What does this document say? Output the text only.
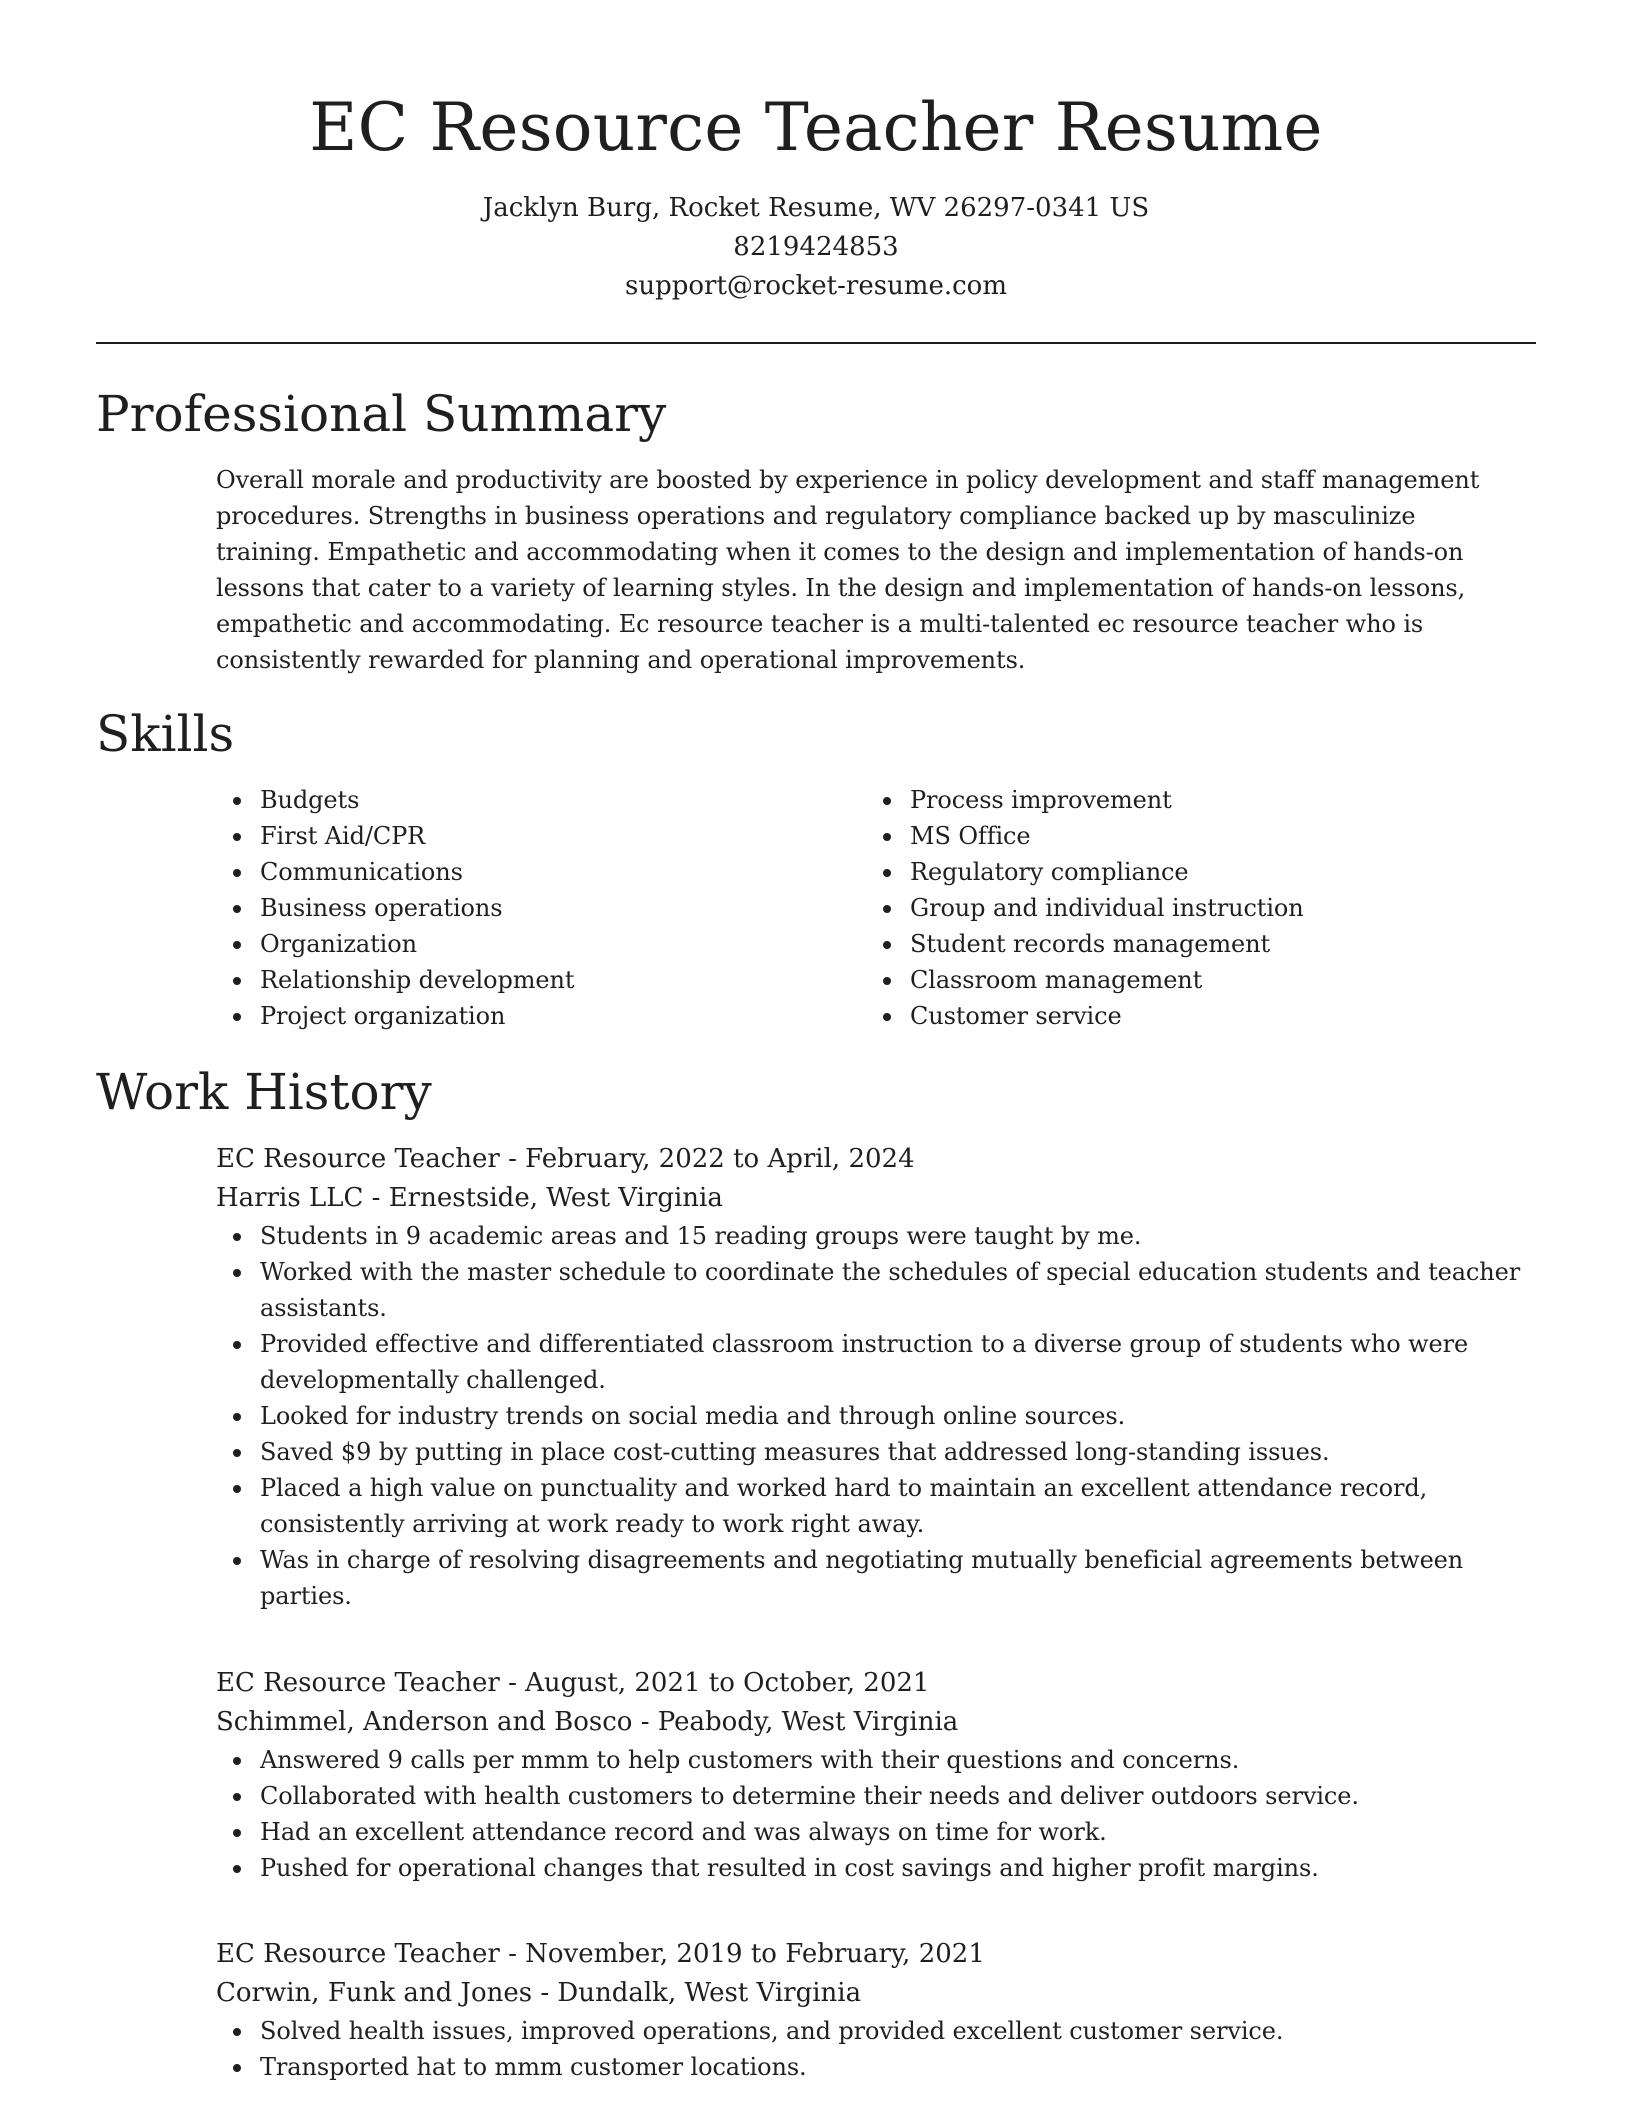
EC Resource Teacher Resume

Jacklyn Burg, Rocket Resume, WV 26297-0341 US

8219424853

support@rocket-resume.com

Professional Summary

Overall morale and productivity are boosted by experience in policy development and staff management procedures. Strengths in business operations and regulatory compliance backed up by masculinize training. Empathetic and accommodating when it comes to the design and implementation of hands-on lessons that cater to a variety of learning styles. In the design and implementation of hands-on lessons, empathetic and accommodating. Ec resource teacher is a multi-talented ec resource teacher who is consistently rewarded for planning and operational improvements.

Skills
Budgets
First Aid/CPR
Communications
Business operations
Organization
Relationship development
Project organization
Process improvement
MS Office
Regulatory compliance
Group and individual instruction
Student records management
Classroom management
Customer service
Work History

EC Resource Teacher - February, 2022 to April, 2024

Harris LLC - Ernestside, West Virginia

Students in 9 academic areas and 15 reading groups were taught by me.
Worked with the master schedule to coordinate the schedules of special education students and teacher assistants.
Provided effective and differentiated classroom instruction to a diverse group of students who were developmentally challenged.
Looked for industry trends on social media and through online sources.
Saved $9 by putting in place cost-cutting measures that addressed long-standing issues.
Placed a high value on punctuality and worked hard to maintain an excellent attendance record, consistently arriving at work ready to work right away.
Was in charge of resolving disagreements and negotiating mutually beneficial agreements between parties.

EC Resource Teacher - August, 2021 to October, 2021

Schimmel, Anderson and Bosco - Peabody, West Virginia

Answered 9 calls per mmm to help customers with their questions and concerns.
Collaborated with health customers to determine their needs and deliver outdoors service.
Had an excellent attendance record and was always on time for work.
Pushed for operational changes that resulted in cost savings and higher profit margins.

EC Resource Teacher - November, 2019 to February, 2021

Corwin, Funk and Jones - Dundalk, West Virginia

Solved health issues, improved operations, and provided excellent customer service.
Transported hat to mmm customer locations.
